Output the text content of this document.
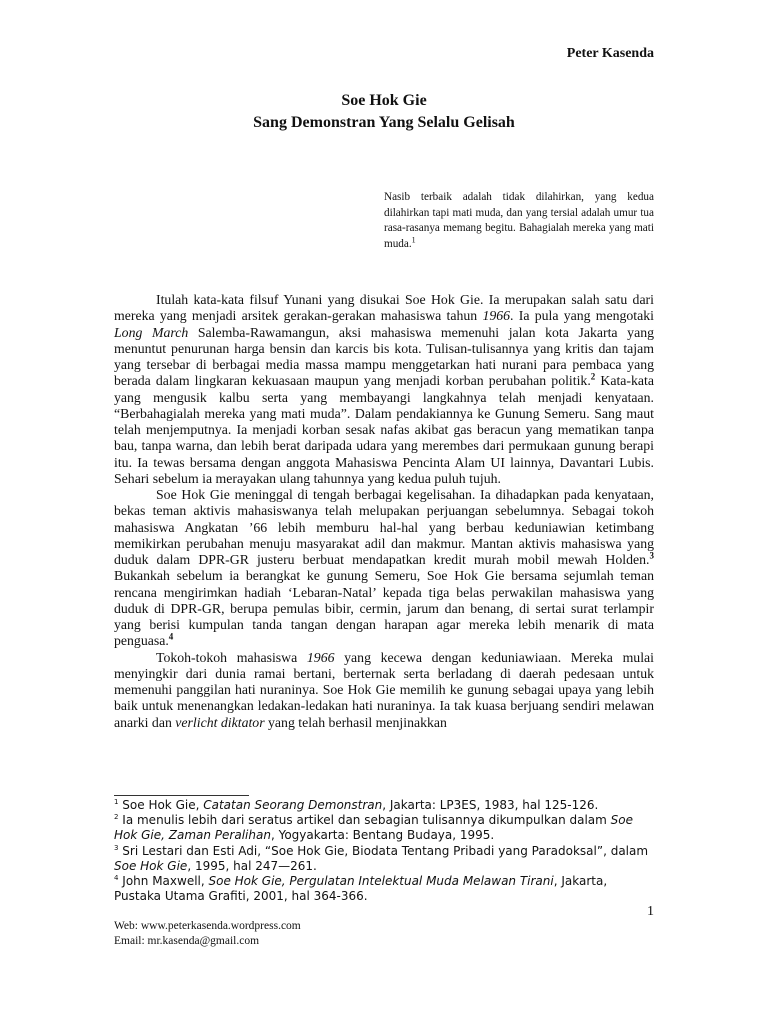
Peter Kasenda
Soe Hok Gie
Sang Demonstran Yang Selalu Gelisah
Nasib terbaik adalah tidak dilahirkan, yang kedua dilahirkan tapi mati muda, dan yang tersial adalah umur tua rasa-rasanya memang begitu. Bahagialah mereka yang mati muda.$^1$

Itulah kata-kata filsuf Yunani yang disukai Soe Hok Gie. Ia merupakan salah satu dari mereka yang menjadi arsitek gerakan-gerakan mahasiswa tahun 1966. Ia pula yang mengotaki Long March Salemba-Rawamangun, aksi mahasiswa memenuhi jalan kota Jakarta yang menuntut penurunan harga bensin dan karcis bis kota. Tulisan-tulisannya yang kritis dan tajam yang tersebar di berbagai media massa mampu menggetarkan hati nurani para pembaca yang berada dalam lingkaran kekuasaan maupun yang menjadi korban perubahan politik.$^2$ Kata-kata yang mengusik kalbu serta yang membayangi langkahnya telah menjadi kenyataan. “Berbahagialah mereka yang mati muda”. Dalam pendakiannya ke Gunung Semeru. Sang maut telah menjemputnya. Ia menjadi korban sesak nafas akibat gas beracun yang mematikan tanpa bau, tanpa warna, dan lebih berat daripada udara yang merembes dari permukaan gunung berapi itu. Ia tewas bersama dengan anggota Mahasiswa Pencinta Alam UI lainnya, Davantari Lubis. Sehari sebelum ia merayakan ulang tahunnya yang kedua puluh tujuh.

Soe Hok Gie meninggal di tengah berbagai kegelisahan. Ia dihadapkan pada kenyataan, bekas teman aktivis mahasiswanya telah melupakan perjuangan sebelumnya. Sebagai tokoh mahasiswa Angkatan ’66 lebih memburu hal-hal yang berbau keduniawian ketimbang memikirkan perubahan menuju masyarakat adil dan makmur. Mantan aktivis mahasiswa yang duduk dalam DPR-GR justeru berbuat mendapatkan kredit murah mobil mewah Holden.$^3$ Bukankah sebelum ia berangkat ke gunung Semeru, Soe Hok Gie bersama sejumlah teman rencana mengirimkan hadiah ‘Lebaran-Natal’ kepada tiga belas perwakilan mahasiswa yang duduk di DPR-GR, berupa pemulas bibir, cermin, jarum dan benang, di sertai surat terlampir yang berisi kumpulan tanda tangan dengan harapan agar mereka lebih menarik di mata penguasa.$^4$

Tokoh-tokoh mahasiswa 1966 yang kecewa dengan keduniawiaan. Mereka mulai menyingkir dari dunia ramai bertani, berternak serta berladang di daerah pedesaan untuk memenuhi panggilan hati nuraninya. Soe Hok Gie memilih ke gunung sebagai upaya yang lebih baik untuk menenangkan ledakan-ledakan hati nuraninya. Ia tak kuasa berjuang sendiri melawan anarki dan verlicht diktator yang telah berhasil menjinakkan

$^1$ Soe Hok Gie, Catatan Seorang Demonstran, Jakarta: LP3ES, 1983, hal 125-126.

$^2$ Ia menulis lebih dari seratus artikel dan sebagian tulisannya dikumpulkan dalam Soe Hok Gie, Zaman Peralihan, Yogyakarta: Bentang Budaya, 1995.

$^3$ Sri Lestari dan Esti Adi, “Soe Hok Gie, Biodata Tentang Pribadi yang Paradoksal”, dalam Soe Hok Gie, 1995, hal 247—261.

$^4$ John Maxwell, Soe Hok Gie, Pergulatan Intelektual Muda Melawan Tirani, Jakarta, Pustaka Utama Grafiti, 2001, hal 364-366.

1
Web: www.peterkasenda.wordpress.com
Email: mr.kasenda@gmail.com
